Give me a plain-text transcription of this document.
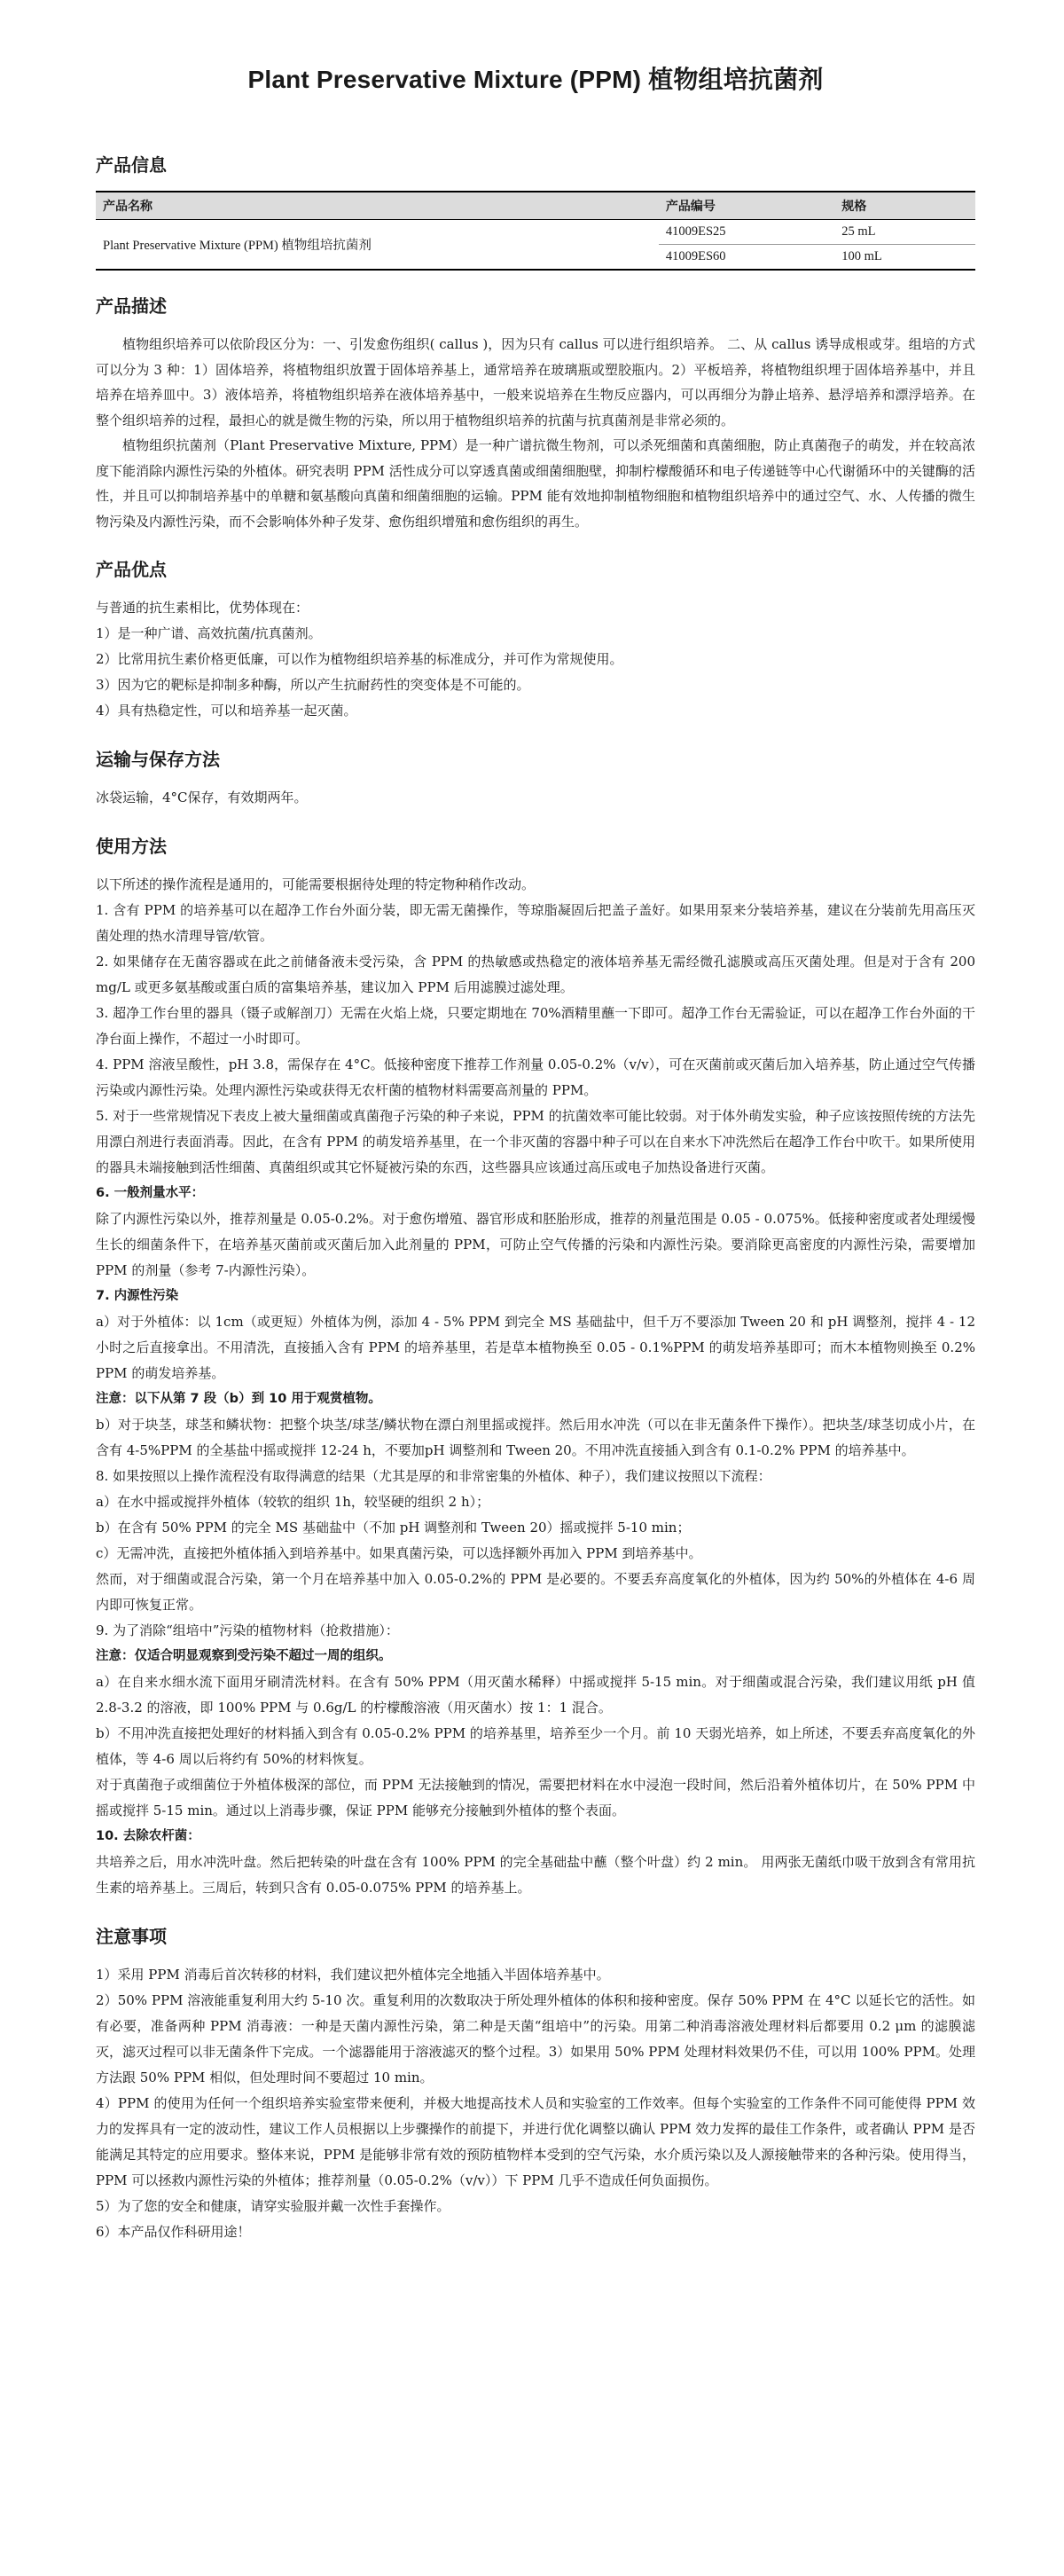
Plant Preservative Mixture (PPM) 植物组培抗菌剂
产品信息
产品名称	产品编号	规格
Plant Preservative Mixture (PPM) 植物组培抗菌剂	41009ES25	25 mL
	41009ES60	100 mL
产品描述

植物组织培养可以依阶段区分为：一、引发愈伤组织( callus )，因为只有 callus 可以进行组织培养。 二、从 callus 诱导成根或芽。组培的方式可以分为 3 种：1）固体培养，将植物组织放置于固体培养基上，通常培养在玻璃瓶或塑胶瓶内。2）平板培养，将植物组织埋于固体培养基中，并且培养在培养皿中。3）液体培养，将植物组织培养在液体培养基中，一般来说培养在生物反应器内，可以再细分为静止培养、悬浮培养和漂浮培养。在整个组织培养的过程，最担心的就是微生物的污染，所以用于植物组织培养的抗菌与抗真菌剂是非常必须的。

植物组织抗菌剂（Plant Preservative Mixture, PPM）是一种广谱抗微生物剂，可以杀死细菌和真菌细胞，防止真菌孢子的萌发，并在较高浓度下能消除内源性污染的外植体。研究表明 PPM 活性成分可以穿透真菌或细菌细胞壁，抑制柠檬酸循环和电子传递链等中心代谢循环中的关键酶的活性，并且可以抑制培养基中的单糖和氨基酸向真菌和细菌细胞的运输。PPM 能有效地抑制植物细胞和植物组织培养中的通过空气、水、人传播的微生物污染及内源性污染，而不会影响体外种子发芽、愈伤组织增殖和愈伤组织的再生。

产品优点
与普通的抗生素相比，优势体现在：
1）是一种广谱、高效抗菌/抗真菌剂。
2）比常用抗生素价格更低廉，可以作为植物组织培养基的标准成分，并可作为常规使用。
3）因为它的靶标是抑制多种酶，所以产生抗耐药性的突变体是不可能的。
4）具有热稳定性，可以和培养基一起灭菌。
运输与保存方法
冰袋运输，4°C保存，有效期两年。
使用方法
以下所述的操作流程是通用的，可能需要根据待处理的特定物种稍作改动。
1. 含有 PPM 的培养基可以在超净工作台外面分装，即无需无菌操作，等琼脂凝固后把盖子盖好。如果用泵来分装培养基，建议在分装前先用高压灭菌处理的热水清理导管/软管。
2. 如果储存在无菌容器或在此之前储备液未受污染，含 PPM 的热敏感或热稳定的液体培养基无需经微孔滤膜或高压灭菌处理。但是对于含有 200 mg/L 或更多氨基酸或蛋白质的富集培养基，建议加入 PPM 后用滤膜过滤处理。
3. 超净工作台里的器具（镊子或解剖刀）无需在火焰上烧，只要定期地在 70%酒精里蘸一下即可。超净工作台无需验证，可以在超净工作台外面的干净台面上操作，不超过一小时即可。
4. PPM 溶液呈酸性，pH 3.8，需保存在 4°C。低接种密度下推荐工作剂量 0.05-0.2%（v/v），可在灭菌前或灭菌后加入培养基，防止通过空气传播污染或内源性污染。处理内源性污染或获得无农杆菌的植物材料需要高剂量的 PPM。
5. 对于一些常规情况下表皮上被大量细菌或真菌孢子污染的种子来说，PPM 的抗菌效率可能比较弱。对于体外萌发实验，种子应该按照传统的方法先用漂白剂进行表面消毒。因此，在含有 PPM 的萌发培养基里，在一个非灭菌的容器中种子可以在自来水下冲洗然后在超净工作台中吹干。如果所使用的器具未端接触到活性细菌、真菌组织或其它怀疑被污染的东西，这些器具应该通过高压或电子加热设备进行灭菌。
6. 一般剂量水平：
除了内源性污染以外，推荐剂量是 0.05-0.2%。对于愈伤增殖、器官形成和胚胎形成，推荐的剂量范围是 0.05 - 0.075%。低接种密度或者处理缓慢生长的细菌条件下，在培养基灭菌前或灭菌后加入此剂量的 PPM，可防止空气传播的污染和内源性污染。要消除更高密度的内源性污染，需要增加 PPM 的剂量（参考 7-内源性污染）。
7. 内源性污染
a）对于外植体：以 1cm（或更短）外植体为例，添加 4 - 5% PPM 到完全 MS 基础盐中，但千万不要添加 Tween 20 和 pH 调整剂，搅拌 4 - 12 小时之后直接拿出。不用清洗，直接插入含有 PPM 的培养基里，若是草本植物换至 0.05 - 0.1%PPM 的萌发培养基即可；而木本植物则换至 0.2% PPM 的萌发培养基。
注意：以下从第 7 段（b）到 10 用于观赏植物。
b）对于块茎，球茎和鳞状物：把整个块茎/球茎/鳞状物在漂白剂里摇或搅拌。然后用水冲洗（可以在非无菌条件下操作）。把块茎/球茎切成小片，在含有 4-5%PPM 的全基盐中摇或搅拌 12-24 h，不要加pH 调整剂和 Tween 20。不用冲洗直接插入到含有 0.1-0.2% PPM 的培养基中。
8. 如果按照以上操作流程没有取得满意的结果（尤其是厚的和非常密集的外植体、种子），我们建议按照以下流程：
a）在水中摇或搅拌外植体（较软的组织 1h，较坚硬的组织 2 h）；
b）在含有 50% PPM 的完全 MS 基础盐中（不加 pH 调整剂和 Tween 20）摇或搅拌 5-10 min；
c）无需冲洗，直接把外植体插入到培养基中。如果真菌污染，可以选择额外再加入 PPM 到培养基中。
然而，对于细菌或混合污染，第一个月在培养基中加入 0.05-0.2%的 PPM 是必要的。不要丢弃高度氧化的外植体，因为约 50%的外植体在 4-6 周内即可恢复正常。
9. 为了消除“组培中”污染的植物材料（抢救措施）：
注意：仅适合明显观察到受污染不超过一周的组织。
a）在自来水细水流下面用牙刷清洗材料。在含有 50% PPM（用灭菌水稀释）中摇或搅拌 5-15 min。对于细菌或混合污染，我们建议用纸 pH 值 2.8-3.2 的溶液，即 100% PPM 与 0.6g/L 的柠檬酸溶液（用灭菌水）按 1：1 混合。
b）不用冲洗直接把处理好的材料插入到含有 0.05-0.2% PPM 的培养基里，培养至少一个月。前 10 天弱光培养，如上所述，不要丢弃高度氧化的外植体，等 4-6 周以后将约有 50%的材料恢复。
对于真菌孢子或细菌位于外植体极深的部位，而 PPM 无法接触到的情况，需要把材料在水中浸泡一段时间，然后沿着外植体切片，在 50% PPM 中摇或搅拌 5-15 min。通过以上消毒步骤，保证 PPM 能够充分接触到外植体的整个表面。
10. 去除农杆菌：
共培养之后，用水冲洗叶盘。然后把转染的叶盘在含有 100% PPM 的完全基础盐中蘸（整个叶盘）约 2 min。 用两张无菌纸巾吸干放到含有常用抗生素的培养基上。三周后，转到只含有 0.05-0.075% PPM 的培养基上。
注意事项
1）采用 PPM 消毒后首次转移的材料，我们建议把外植体完全地插入半固体培养基中。
2）50% PPM 溶液能重复利用大约 5-10 次。重复利用的次数取决于所处理外植体的体积和接种密度。保存 50% PPM 在 4°C 以延长它的活性。如有必要，准备两种 PPM 消毒液：一种是天菌内源性污染，第二种是天菌“组培中”的污染。用第二种消毒溶液处理材料后都要用 0.2 μm 的滤膜滤灭，滤灭过程可以非无菌条件下完成。一个滤器能用于溶液滤灭的整个过程。3）如果用 50% PPM 处理材料效果仍不佳，可以用 100% PPM。处理方法跟 50% PPM 相似，但处理时间不要超过 10 min。
4）PPM 的使用为任何一个组织培养实验室带来便利，并极大地提高技术人员和实验室的工作效率。但每个实验室的工作条件不同可能使得 PPM 效力的发挥具有一定的波动性，建议工作人员根据以上步骤操作的前提下，并进行优化调整以确认 PPM 效力发挥的最佳工作条件，或者确认 PPM 是否能满足其特定的应用要求。整体来说，PPM 是能够非常有效的预防植物样本受到的空气污染，水介质污染以及人源接触带来的各种污染。使用得当，PPM 可以拯救内源性污染的外植体；推荐剂量（0.05-0.2%（v/v））下 PPM 几乎不造成任何负面损伤。
5）为了您的安全和健康，请穿实验服并戴一次性手套操作。
6）本产品仅作科研用途！
